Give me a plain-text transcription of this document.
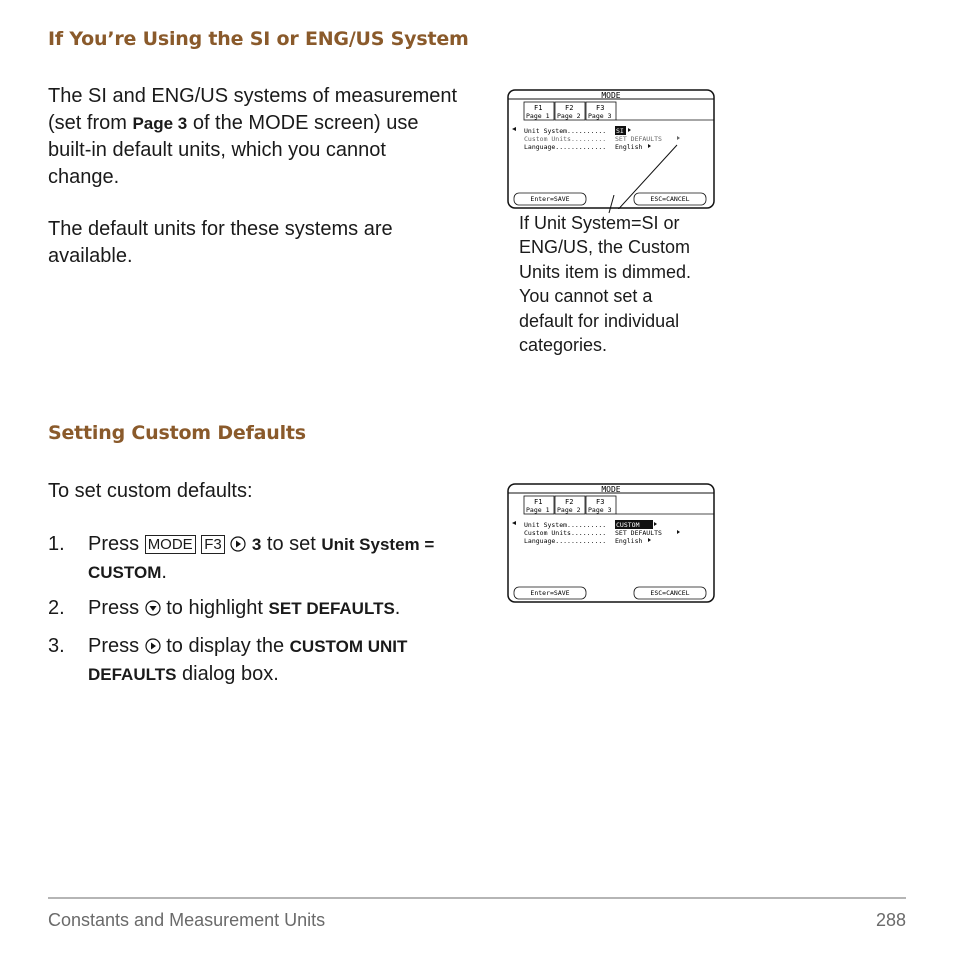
If You’re Using the SI or ENG/US System
The SI and ENG/US systems of measurement
(set from Page 3 of the MODE screen) use
built-in default units, which you cannot
change.
The default units for these systems are
available.
MODE
F1
Page 1
F2
Page 2
F3
Page 3
Unit System.......... SI
Custom Units......... SET DEFAULTS
Language............. English
Enter=SAVE	ESC=CANCEL
If Unit System=SI or
ENG/US, the Custom
Units item is dimmed.
You cannot set a
default for individual
categories.
Setting Custom Defaults
To set custom defaults:
1. Press MODE F3 3 to set Unit System =
CUSTOM.
2. Press  to highlight SET DEFAULTS.
3. Press  to display the CUSTOM UNIT
DEFAULTS dialog box.
MODE
F1
Page 1
F2
Page 2
F3
Page 3
Unit System.......... CUSTOM
Custom Units......... SET DEFAULTS
Language............. English
Enter=SAVE	ESC=CANCEL
Constants and Measurement Units	288
